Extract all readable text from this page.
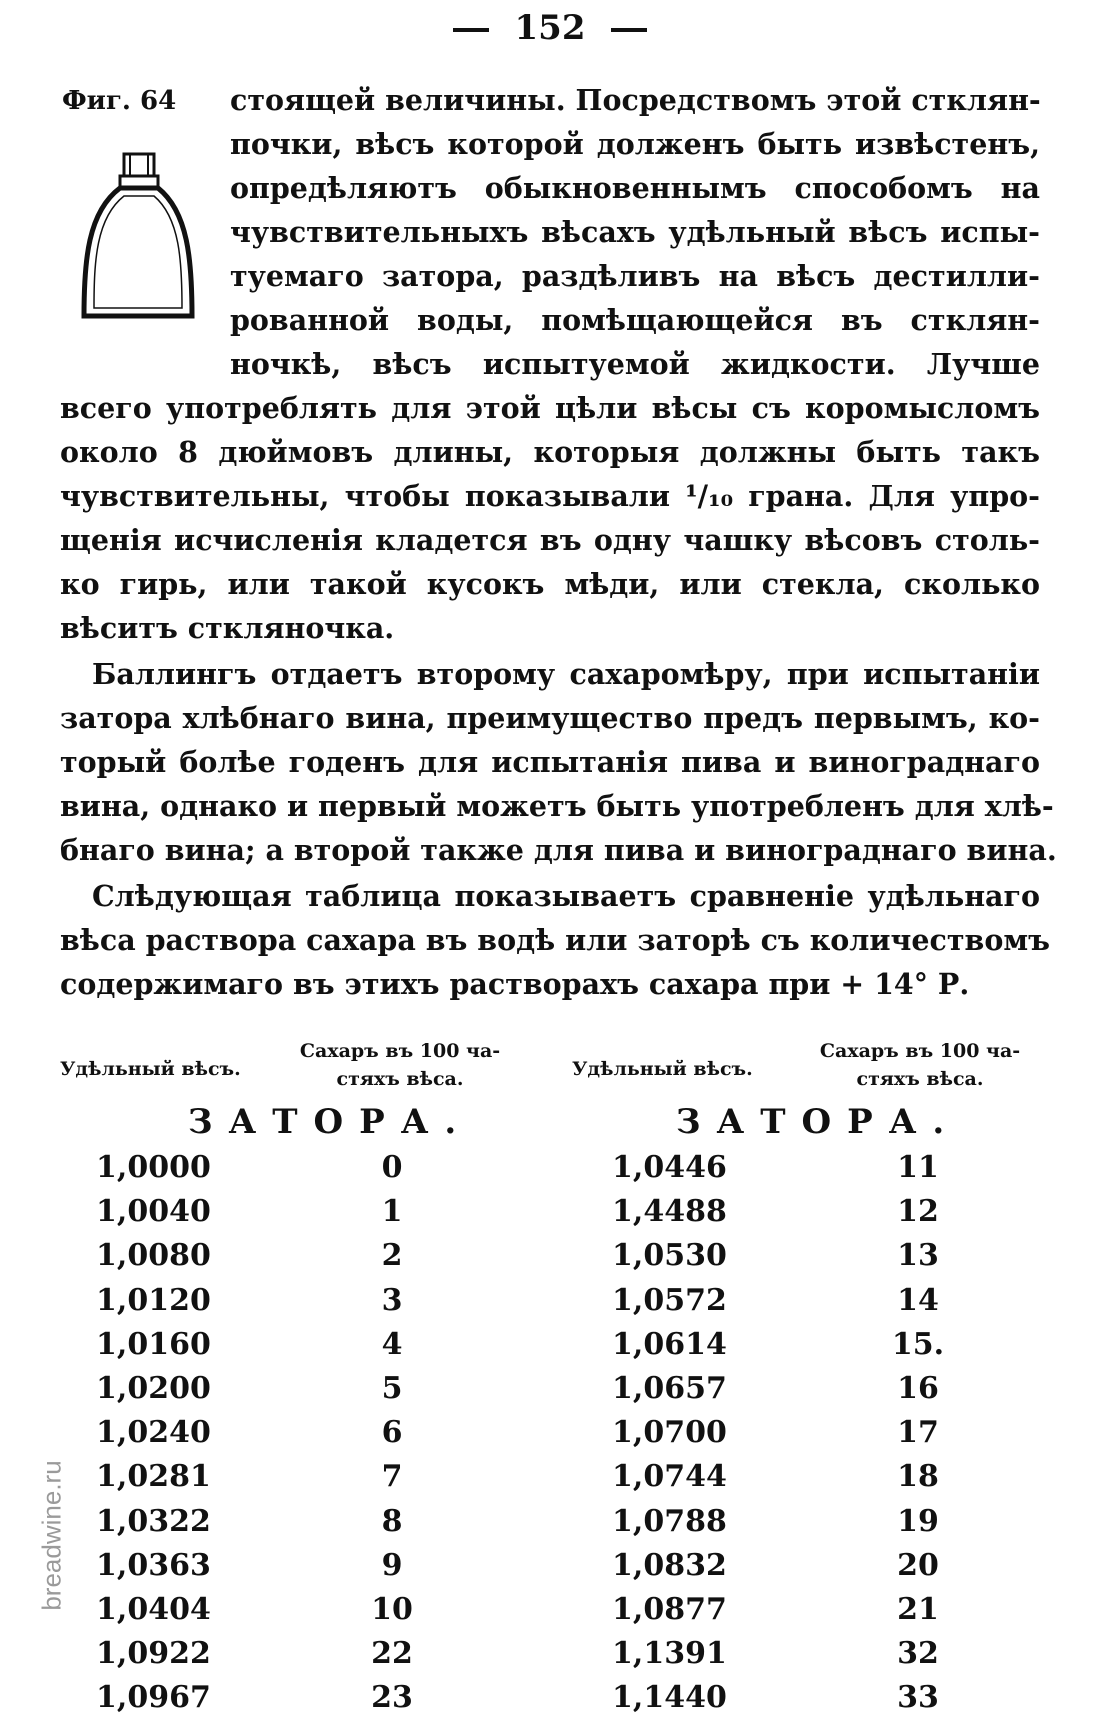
152
Фиг. 64 стоящей величины. Посредствомъ этой стклян-
почки, вѣсъ которой долженъ быть извѣстенъ,
опредѣляютъ обыкновеннымъ способомъ на
чувствительныхъ вѣсахъ удѣльный вѣсъ испы-
туемаго затора, раздѣливъ на вѣсъ дестилли-
рованной воды, помѣщающейся въ стклян-
ночкѣ, вѣсъ испытуемой жидкости. Лучше
всего употреблять для этой цѣли вѣсы съ коромысломъ
около 8 дюймовъ длины, которыя должны быть такъ
чувствительны, чтобы показывали ¹/₁₀ грана. Для упро-
щенія исчисленія кладется въ одну чашку вѣсовъ столь-
ко гирь, или такой кусокъ мѣди, или стекла, сколько
вѣситъ стклянoчка.
Баллингъ отдаетъ второму сахаромѣру, при испытаніи
затора хлѣбнаго вина, преимущество предъ первымъ, ко-
торый болѣе годенъ для испытанія пива и винограднаго
вина, однако и первый можетъ быть употребленъ для хлѣ-
бнаго вина; а второй также для пива и винограднаго вина.
Слѣдующая таблица показываетъ сравненіе удѣльнаго
вѣса раствора сахара въ водѣ или заторѣ съ количествомъ
содержимаго въ этихъ растворахъ сахара при + 14° Р.
Удѣльный вѣсъ.
Сахаръ въ 100 ча-
стяхъ вѣса.
ЗАТОРА.
1,0000	0
1,0040	1
1,0080	2
1,0120	3
1,0160	4
1,0200	5
1,0240	6
1,0281	7
1,0322	8
1,0363	9
1,0404	10
1,0922	22
1,0967	23
Удѣльный вѣсъ.
Сахаръ въ 100 ча-
стяхъ вѣса.
ЗАТОРА.
1,0446	11
1,4488	12
1,0530	13
1,0572	14
1,0614	15.
1,0657	16
1,0700	17
1,0744	18
1,0788	19
1,0832	20
1,0877	21
1,1391	32
1,1440	33
breadwine.ru
